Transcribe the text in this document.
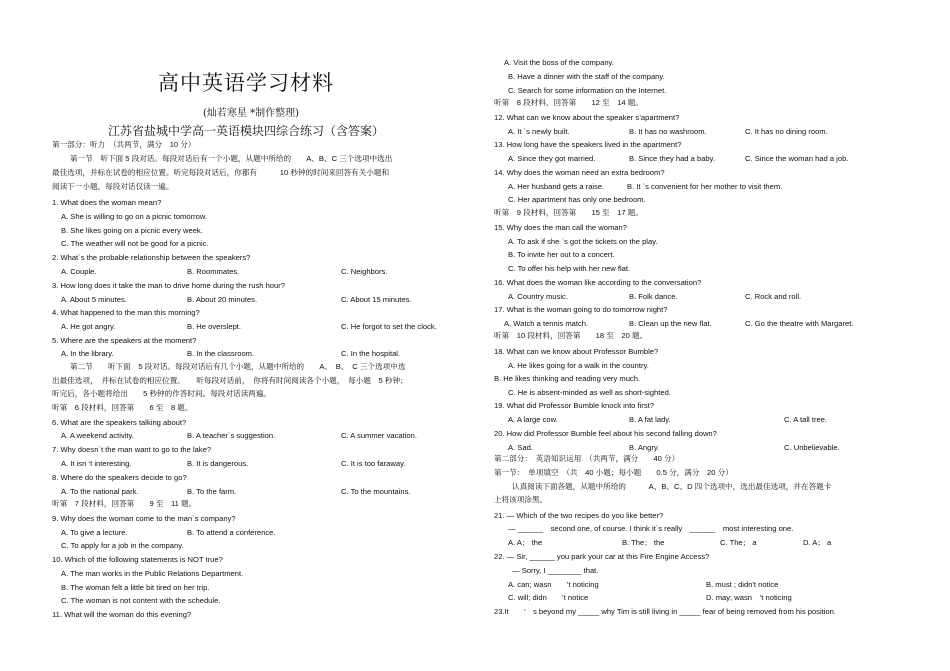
高中英语学习材料
(灿若寒星 *制作整理)
江苏省盐城中学高一英语模块四综合练习（含答案）
第一部分：听力　（共两节，满分　10 分）
第一节　听下面 5 段对话。每段对话后有一个小题，从题中所给的　　A、B、C 三个选项中选出
最佳选项，并标在试卷的相应位置。听完每段对话后，你都有　　　10 秒钟的时间来回答有关小题和
阅读下一小题。每段对话仅读一遍。
1. What does the woman mean?
A. She is willing to go on a picnic tomorrow.
B. She likes going on a picnic every week.
C. The weather will not be good for a picnic.
2. What`s the probable relationship between the speakers?
A. Couple.	B. Roommates.	C. Neighbors.
3. How long does it take the man to drive home during the rush hour?
A. About 5 minutes.	B. About 20 minutes.	C. About 15 minutes.
4. What happened to the man this morning?
A. He got angry.	B. He overslept.	C. He forgot to set the clock.
5. Where are the speakers at the moment?
A. In the library.	B. In the classroom.	C. In the hospital.
第二节　　听下面　5 段对话。每段对话后有几个小题，从题中所给的　　A、　B、　C 三个选项中选
出最佳选项，　并标在试卷的相应位置。　　听每段对话前，　你将有时间阅读各个小题，　每小题　5 秒钟；
听完后，各小题将给出　　5 秒钟的作答时间。每段对话读两遍。
听第　6 段材料，回答第　　6 至　8 题。
6. What are the speakers talking about?
A. A weekend activity.	B. A teacher`s suggestion.	C. A summer vacation.
7. Why doesn`t the man want to go to the lake?
A. It isn ’t interesting.	B. It is dangerous.	C. It is too faraway.
8. Where do the speakers decide to go?
A. To the national park.	B. To the farm.	C. To the mountains.
听第　7 段材料，回答第　　9 至　11 题。
9. Why does the woman come to the man`s company?
A. To give a lecture.	B. To attend a conference.
C. To apply for a job in the company.
10. Which of the following statements is NOT true?
A. The man works in the Public Relations Department.
B. The woman felt a little bit tired on her trip.
C. The woman is not content with the schedule.
11. What will the woman do this evening?
A. Visit the boss of the company.
B. Have a dinner with the staff of the company.
C. Search for some information on the Internet.
听第　8 段材料，回答第　　12 至　14 题。
12. What can we know about the speaker s’apartment?
A. It `s newly built.	B. It has no washroom.	C. It has no dining room.
13. How long have the speakers lived in the apartment?
A. Since they got married.	B. Since they had a baby.	C. Since the woman had a job.
14. Why does the woman need an extra bedroom?
A. Her husband gets a raise.	B. It `s convenient for her mother to visit them.
C. Her apartment has only one bedroom.
听第　9 段材料，回答第　　15 至　17 题。
15. Why does the man call the woman?
A. To ask if she `s got the tickets on the play.
B. To invite her out to a concert.
C. To offer his help with her new flat.
16. What does the woman like according to the conversation?
A. Country music.	B. Folk dance.	C. Rock and roll.
17. What is the woman going to do tomorrow night?
A. Watch a tennis match.	B. Clean up the new flat.	C. Go the theatre with Margaret.
听第　10 段材料，回答第　　18 至　20 题。
18. What can we know about Professor Bumble?
A. He likes going for a walk in the country.
B. He likes thinking and reading very much.
C. He is absent-minded as well as short-sighted.
19. What did Professor Bumble knock into first?
A. A large cow.	B. A fat lady.	C. A tall tree.
20. How did Professor Bumble feel about his second falling down?
A. Sad.	B. Angry.	C. Unbelievable.
第二部分：　英语知识运用　（共两节，满分　　40 分）
第一节：　单项填空　（共　40 小题；每小题　　0.5 分，满分　20 分）
认真阅读下面各题，从题中所给的　　　A、B、C、D 四个选项中，选出最佳选项，并在答题卡
上将该项涂黑。
21. — Which of the two recipes do you like better?
— ______　second one, of course. I think it`s really　______　most interesting one.
A. A； the	B. The； the	C. The； a	D. A； a
22. — Sir, ______ you park your car at this Fire Engine Access?
— Sorry, I ________ that.
A. can; wasn　　’t noticing	B. must ; didn't notice
C. will; didn　　’t notice	D. may; wasn　’t noticing
23.It　　’　s beyond my _____ why Tim is still living in _____ fear of being removed from his position.
